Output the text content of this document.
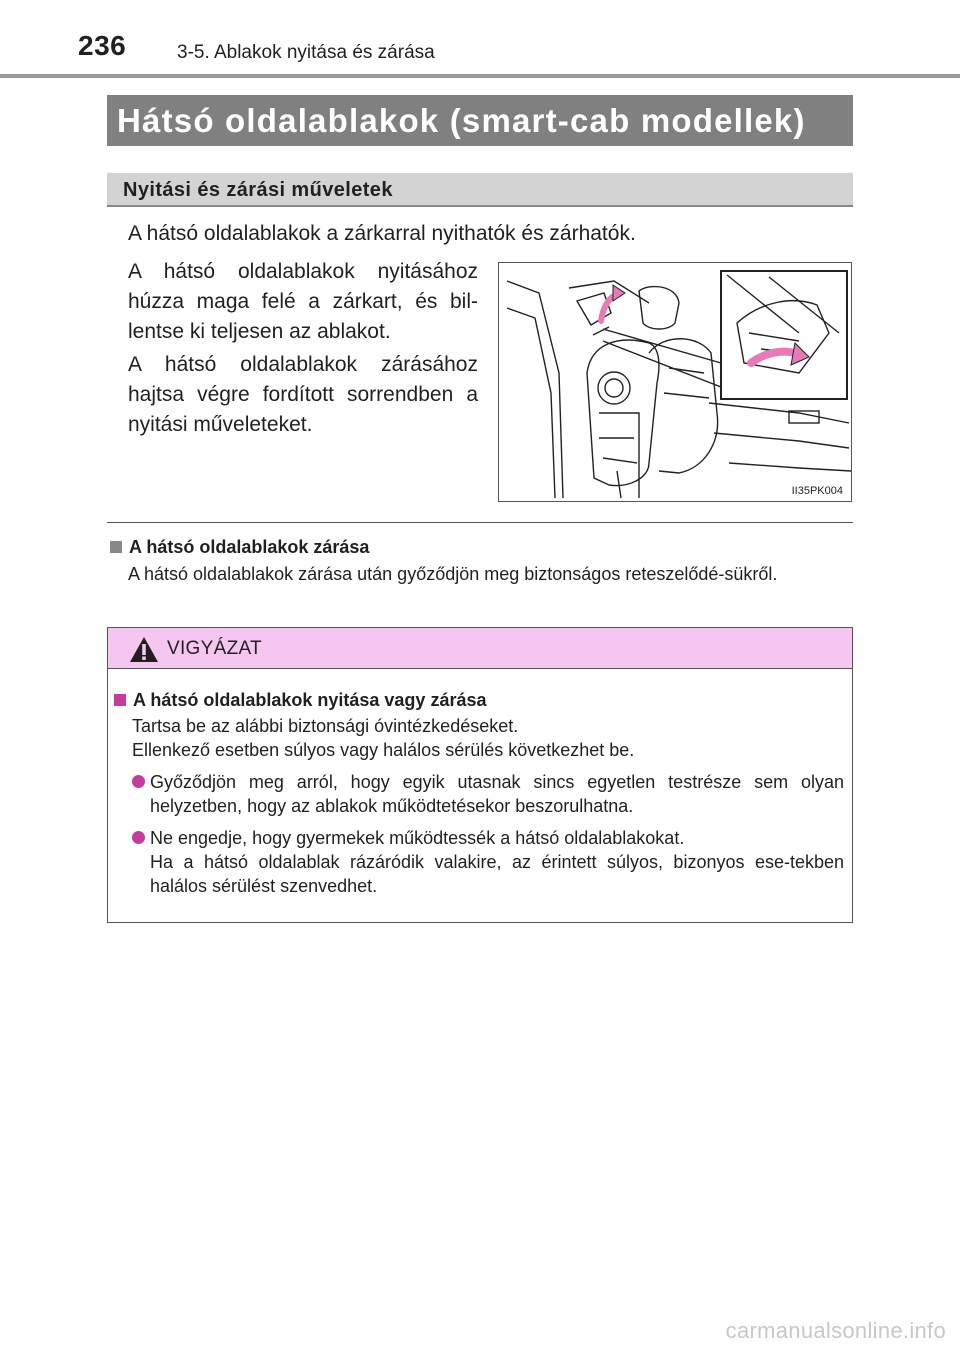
236	3-5. Ablakok nyitása és zárása
Hátsó oldalablakok (smart-cab modellek)
Nyitási és zárási műveletek
A hátsó oldalablakok a zárkarral nyithatók és zárhatók.
A hátsó oldalablakok nyitásához húzza maga felé a zárkart, és bil-lentse ki teljesen az ablakot.
A hátsó oldalablakok zárásához hajtsa végre fordított sorrendben a nyitási műveleteket.
II35PK004
A hátsó oldalablakok zárása
A hátsó oldalablakok zárása után győződjön meg biztonságos reteszelődé-sükről.
VIGYÁZAT
A hátsó oldalablakok nyitása vagy zárása
Tartsa be az alábbi biztonsági óvintézkedéseket.
Ellenkező esetben súlyos vagy halálos sérülés következhet be.
Győződjön meg arról, hogy egyik utasnak sincs egyetlen testrésze sem olyan helyzetben, hogy az ablakok működtetésekor beszorulhatna.
Ne engedje, hogy gyermekek működtessék a hátsó oldalablakokat.
Ha a hátsó oldalablak rázáródik valakire, az érintett súlyos, bizonyos ese-tekben halálos sérülést szenvedhet.
carmanualsonline.info
